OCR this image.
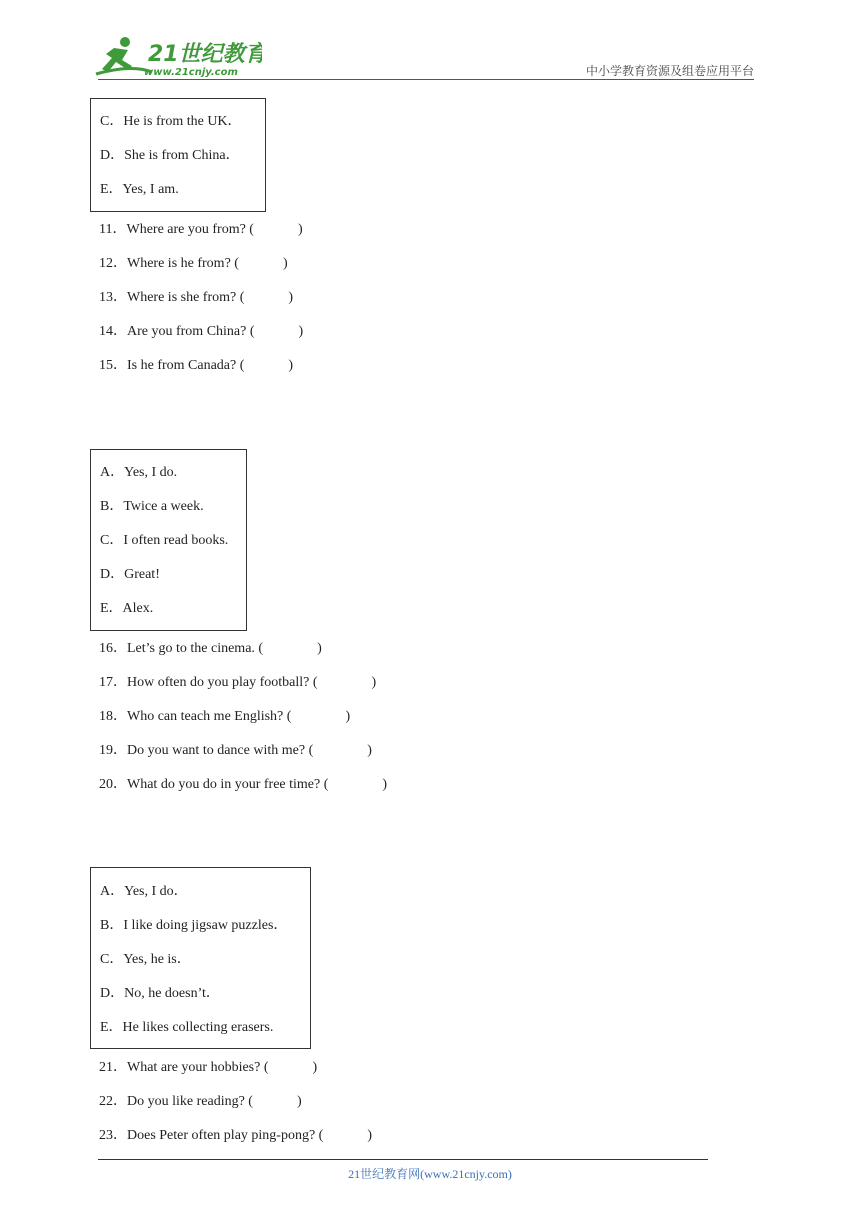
21世纪教育
www.21cnjy.com	中小学教育资源及组卷应用平台

C．He is from the UK．

D．She is from China．

E．Yes, I am.

11．Where are you from? (	)
12．Where is he from? (	)
13．Where is she from? (	)
14．Are you from China? (	)
15．Is he from Canada? (	)

A．Yes, I do.

B．Twice a week.

C．I often read books.

D．Great!

E．Alex.

16．Let’s go to the cinema. (	)
17．How often do you play football? (	)
18．Who can teach me English? (	)
19．Do you want to dance with me? (	)
20．What do you do in your free time? (	)

A．Yes, I do．

B．I like doing jigsaw puzzles．

C．Yes, he is．

D．No, he doesn’t．

E．He likes collecting erasers.

21．What are your hobbies? (	)
22．Do you like reading? (	)
23．Does Peter often play ping-pong? (	)
21世纪教育网(www.21cnjy.com)
